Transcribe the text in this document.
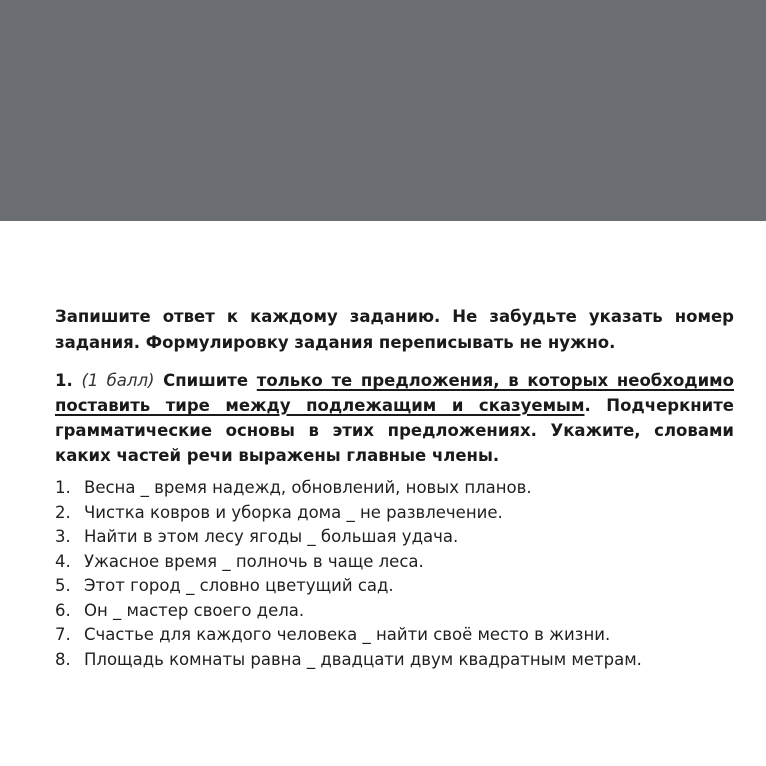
Запишите ответ к каждому заданию. Не забудьте указать номер задания. Формулировку задания переписывать не нужно.

1. (1 балл) Спишите только те предложения, в которых необходимо поставить тире между подлежащим и сказуемым. Подчеркните грамматические основы в этих предложениях. Укажите, словами каких частей речи выражены главные члены.

1. Весна _ время надежд, обновлений, новых планов.
2. Чистка ковров и уборка дома _ не развлечение.
3. Найти в этом лесу ягоды _ большая удача.
4. Ужасное время _ полночь в чаще леса.
5. Этот город _ словно цветущий сад.
6. Он _ мастер своего дела.
7. Счастье для каждого человека _ найти своё место в жизни.
8. Площадь комнаты равна _ двадцати двум квадратным метрам.
